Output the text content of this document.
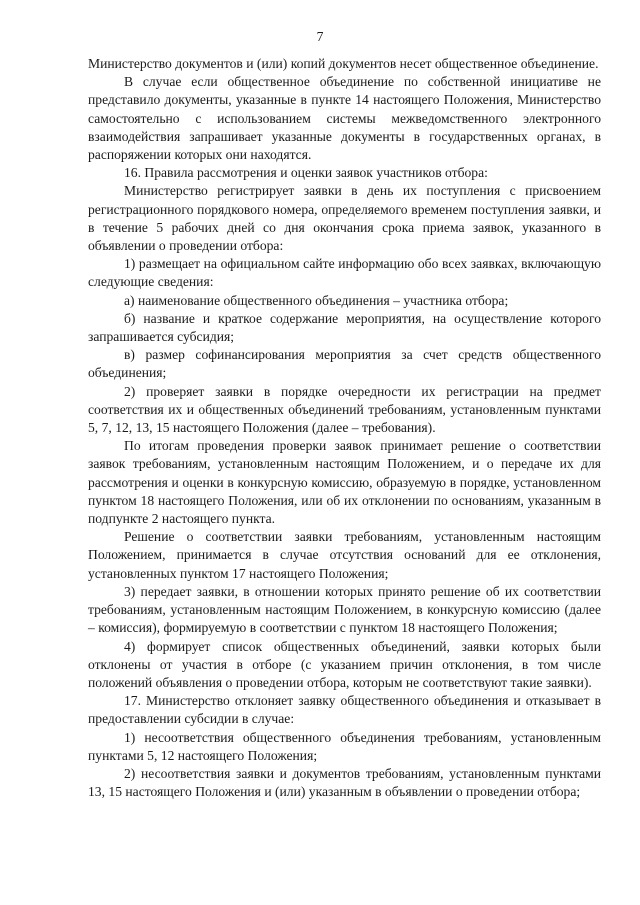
7

Министерство документов и (или) копий документов несет общественное объединение.

В случае если общественное объединение по собственной инициативе не представило документы, указанные в пункте 14 настоящего Положения, Министерство самостоятельно с использованием системы межведомственного электронного взаимодействия запрашивает указанные документы в государственных органах, в распоряжении которых они находятся.

16. Правила рассмотрения и оценки заявок участников отбора:

Министерство регистрирует заявки в день их поступления с присвоением регистрационного порядкового номера, определяемого временем поступления заявки, и в течение 5 рабочих дней со дня окончания срока приема заявок, указанного в объявлении о проведении отбора:

1) размещает на официальном сайте информацию обо всех заявках, включающую следующие сведения:

а) наименование общественного объединения – участника отбора;

б) название и краткое содержание мероприятия, на осуществление которого запрашивается субсидия;

в) размер софинансирования мероприятия за счет средств общественного объединения;

2) проверяет заявки в порядке очередности их регистрации на предмет соответствия их и общественных объединений требованиям, установленным пунктами 5, 7, 12, 13, 15 настоящего Положения (далее – требования).

По итогам проведения проверки заявок принимает решение о соответствии заявок требованиям, установленным настоящим Положением, и о передаче их для рассмотрения и оценки в конкурсную комиссию, образуемую в порядке, установленном пунктом 18 настоящего Положения, или об их отклонении по основаниям, указанным в подпункте 2 настоящего пункта.

Решение о соответствии заявки требованиям, установленным настоящим Положением, принимается в случае отсутствия оснований для ее отклонения, установленных пунктом 17 настоящего Положения;

3) передает заявки, в отношении которых принято решение об их соответствии требованиям, установленным настоящим Положением, в конкурсную комиссию (далее – комиссия), формируемую в соответствии с пунктом 18 настоящего Положения;

4) формирует список общественных объединений, заявки которых были отклонены от участия в отборе (с указанием причин отклонения, в том числе положений объявления о проведении отбора, которым не соответствуют такие заявки).

17. Министерство отклоняет заявку общественного объединения и отказывает в предоставлении субсидии в случае:

1) несоответствия общественного объединения требованиям, установленным пунктами 5, 12 настоящего Положения;

2) несоответствия заявки и документов требованиям, установленным пунктами 13, 15 настоящего Положения и (или) указанным в объявлении о проведении отбора;
